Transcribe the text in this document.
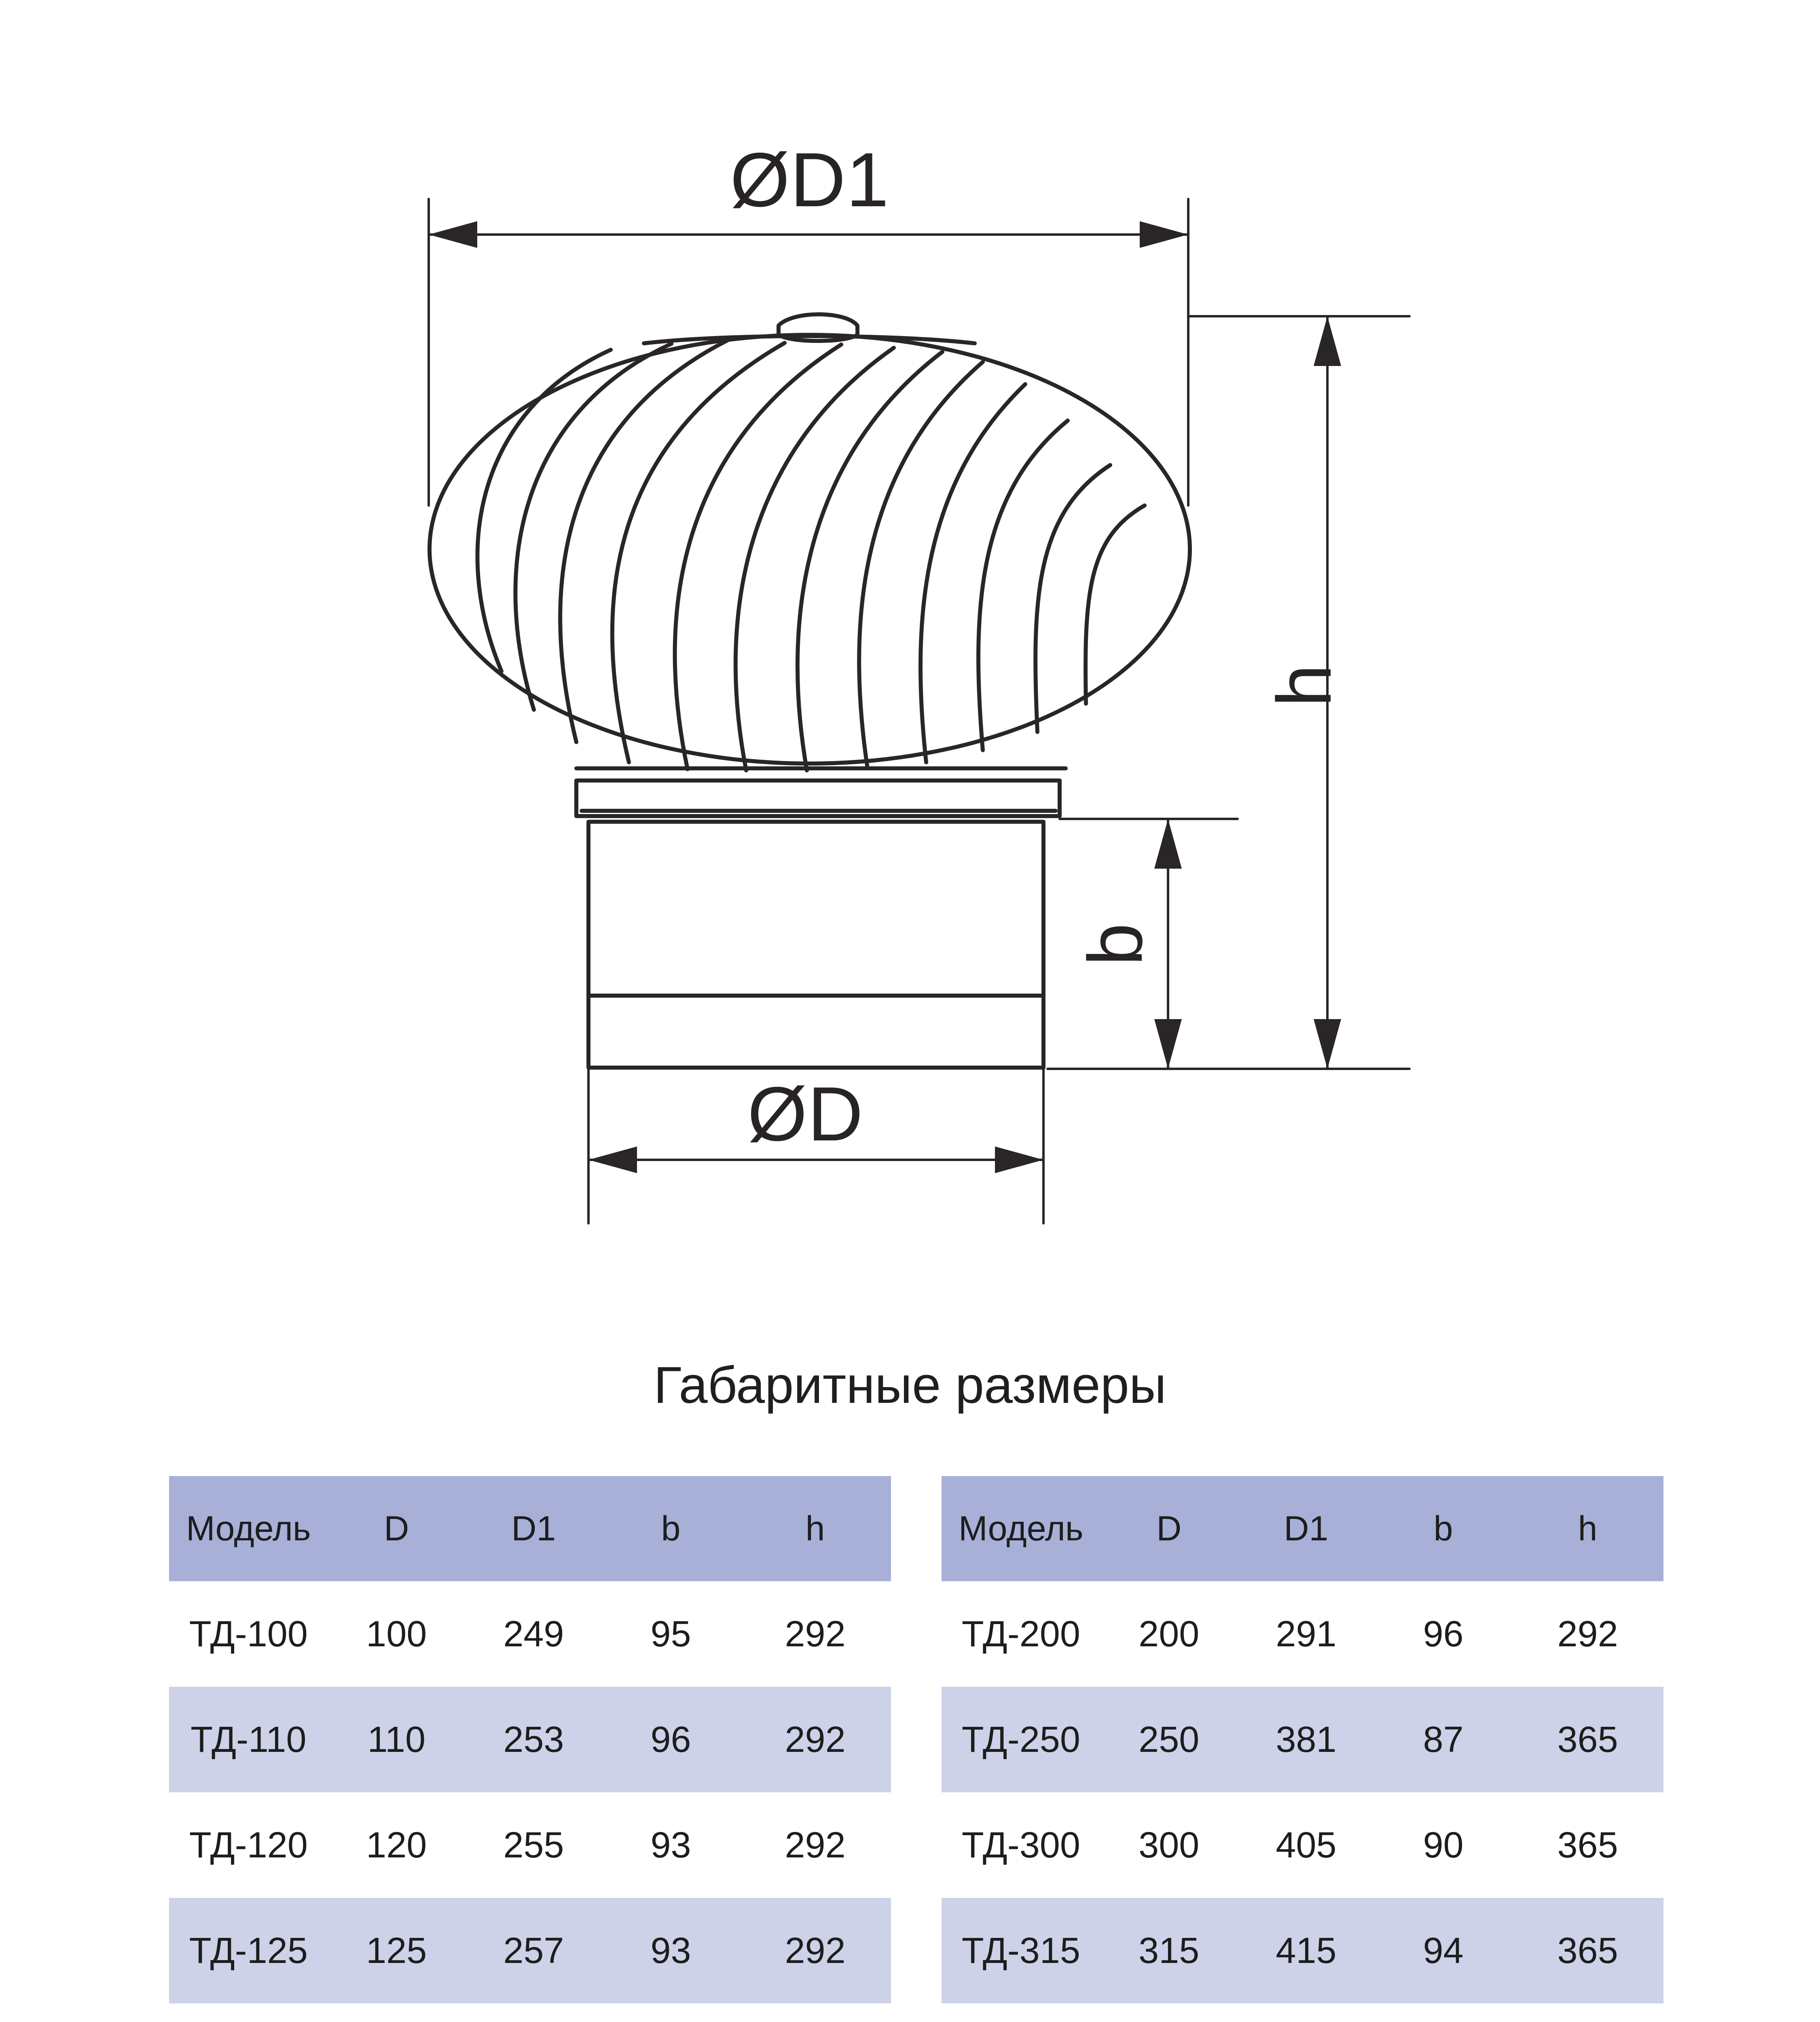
ØD1

ØD

h

b

Габаритные размеры
Модель	D	D1	b	h
ТД-100	100	249	95	292
ТД-110	110	253	96	292
ТД-120	120	255	93	292
ТД-125	125	257	93	292

Модель	D	D1	b	h
ТД-200	200	291	96	292
ТД-250	250	381	87	365
ТД-300	300	405	90	365
ТД-315	315	415	94	365
